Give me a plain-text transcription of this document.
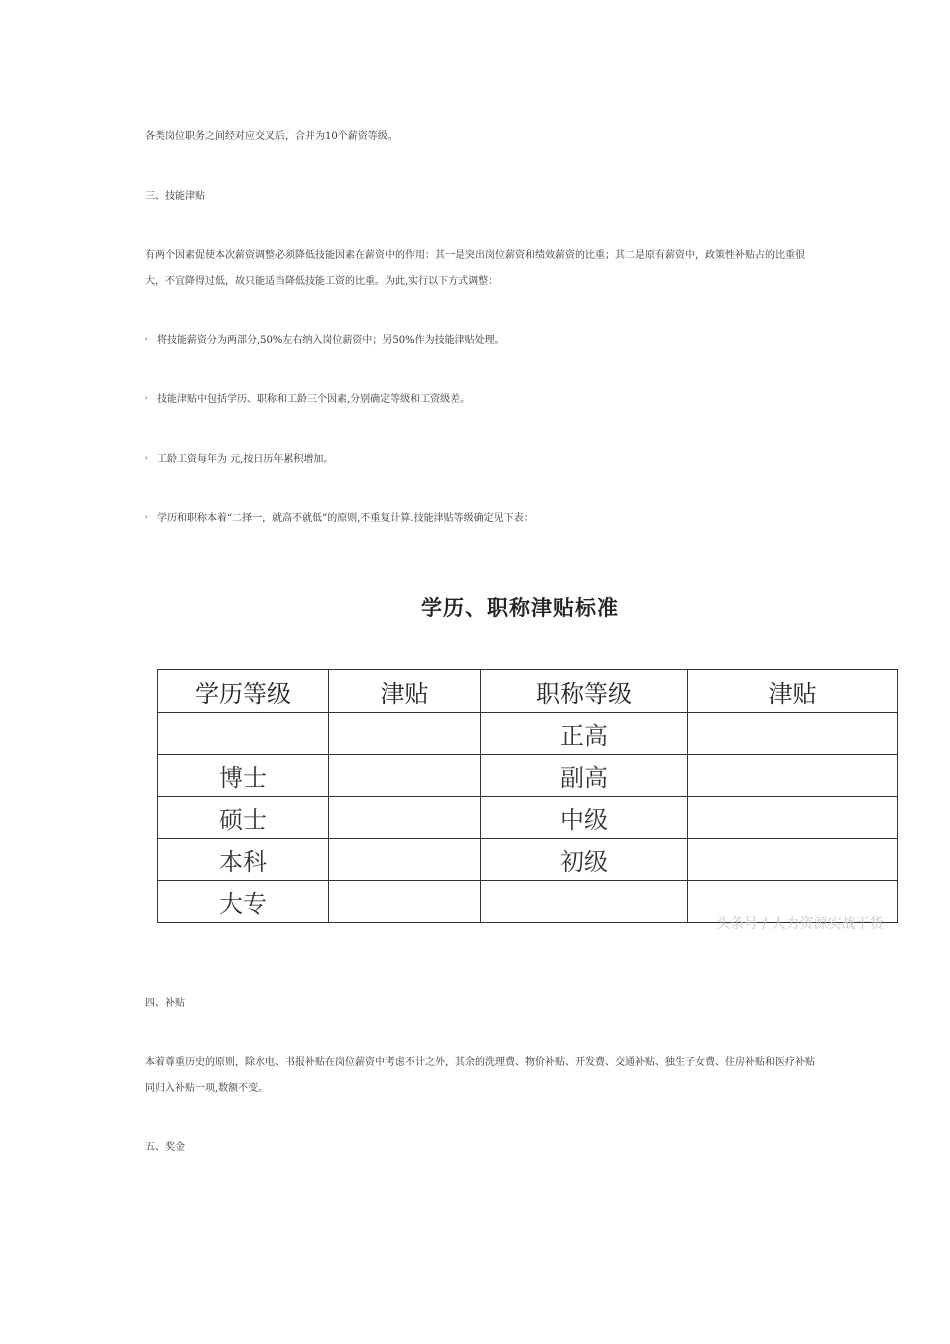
各类岗位职务之间经对应交叉后，合并为10个薪资等级。

三、技能津贴

有两个因素促使本次薪资调整必须降低技能因素在薪资中的作用：其一是突出岗位薪资和绩效薪资的比重；其二是原有薪资中，政策性补贴占的比重很大，不宜降得过低，故只能适当降低技能工资的比重。为此,实行以下方式调整：

² 将技能薪资分为两部分,50%左右纳入岗位薪资中；另50%作为技能津贴处理。
² 技能津贴中包括学历、职称和工龄三个因素,分别确定等级和工资级差。
² 工龄工资每年为 元,按日历年累积增加。
² 学历和职称本着“二择一，就高不就低”的原则,不重复计算.技能津贴等级确定见下表：
学历、职称津贴标准
学历等级	津贴	职称等级	津贴
		正高	
博士		副高	
硕士		中级	
本科		初级	
大专			
头条号 / 人力资源实战干货

四、补贴

本着尊重历史的原则，除水电、书报补贴在岗位薪资中考虑不计之外，其余的洗理费、物价补贴、开发费、交通补贴、独生子女费、住房补贴和医疗补贴同归入补贴一项,数额不变。

五、奖金
